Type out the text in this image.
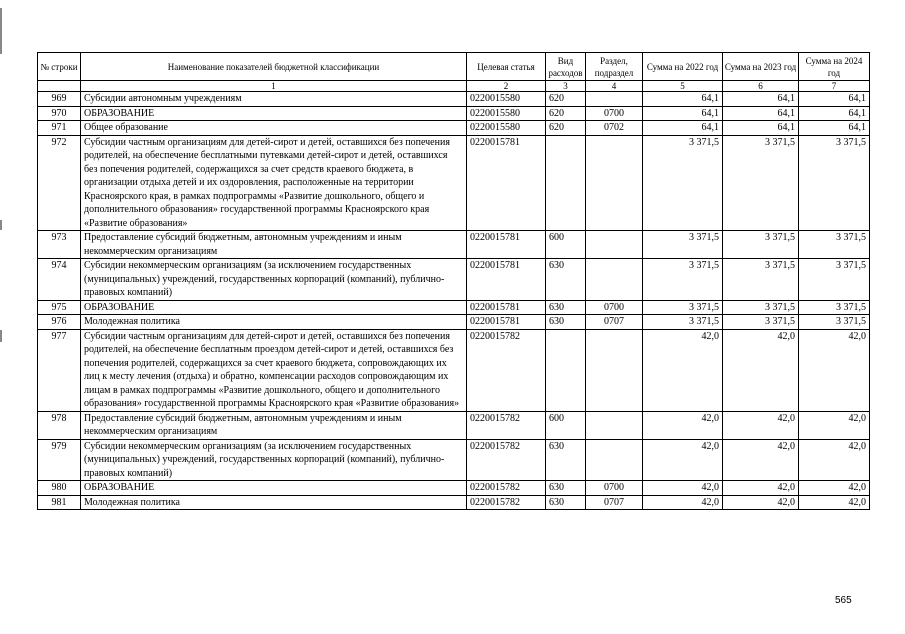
№ строки	Наименование показателей бюджетной классификации	Целевая статья	Вид расходов	Раздел, подраздел	Сумма на 2022 год	Сумма на 2023 год	Сумма на 2024 год
	1	2	3	4	5	6	7
969	Субсидии автономным учреждениям	0220015580	620		64,1	64,1	64,1
970	ОБРАЗОВАНИЕ	0220015580	620	0700	64,1	64,1	64,1
971	Общее образование	0220015580	620	0702	64,1	64,1	64,1
972	Субсидии частным организациям для детей-сирот и детей, оставшихся без попечения родителей, на обеспечение бесплатными путевками детей-сирот и детей, оставшихся без попечения родителей, содержащихся за счет средств краевого бюджета, в организации отдыха детей и их оздоровления, расположенные на территории Красноярского края, в рамках подпрограммы «Развитие дошкольного, общего и дополнительного образования» государственной программы Красноярского края «Развитие образования»	0220015781			3 371,5	3 371,5	3 371,5
973	Предоставление субсидий бюджетным, автономным учреждениям и иным некоммерческим организациям	0220015781	600		3 371,5	3 371,5	3 371,5
974	Субсидии некоммерческим организациям (за исключением государственных (муниципальных) учреждений, государственных корпораций (компаний), публично-правовых компаний)	0220015781	630		3 371,5	3 371,5	3 371,5
975	ОБРАЗОВАНИЕ	0220015781	630	0700	3 371,5	3 371,5	3 371,5
976	Молодежная политика	0220015781	630	0707	3 371,5	3 371,5	3 371,5
977	Субсидии частным организациям для детей-сирот и детей, оставшихся без попечения родителей, на обеспечение бесплатным проездом детей-сирот и детей, оставшихся без попечения родителей, содержащихся за счет краевого бюджета, сопровождающих их лиц к месту лечения (отдыха) и обратно, компенсации расходов сопровождающим их лицам в рамках подпрограммы «Развитие дошкольного, общего и дополнительного образования» государственной программы Красноярского края «Развитие образования»	0220015782			42,0	42,0	42,0
978	Предоставление субсидий бюджетным, автономным учреждениям и иным некоммерческим организациям	0220015782	600		42,0	42,0	42,0
979	Субсидии некоммерческим организациям (за исключением государственных (муниципальных) учреждений, государственных корпораций (компаний), публично-правовых компаний)	0220015782	630		42,0	42,0	42,0
980	ОБРАЗОВАНИЕ	0220015782	630	0700	42,0	42,0	42,0
981	Молодежная политика	0220015782	630	0707	42,0	42,0	42,0
565
